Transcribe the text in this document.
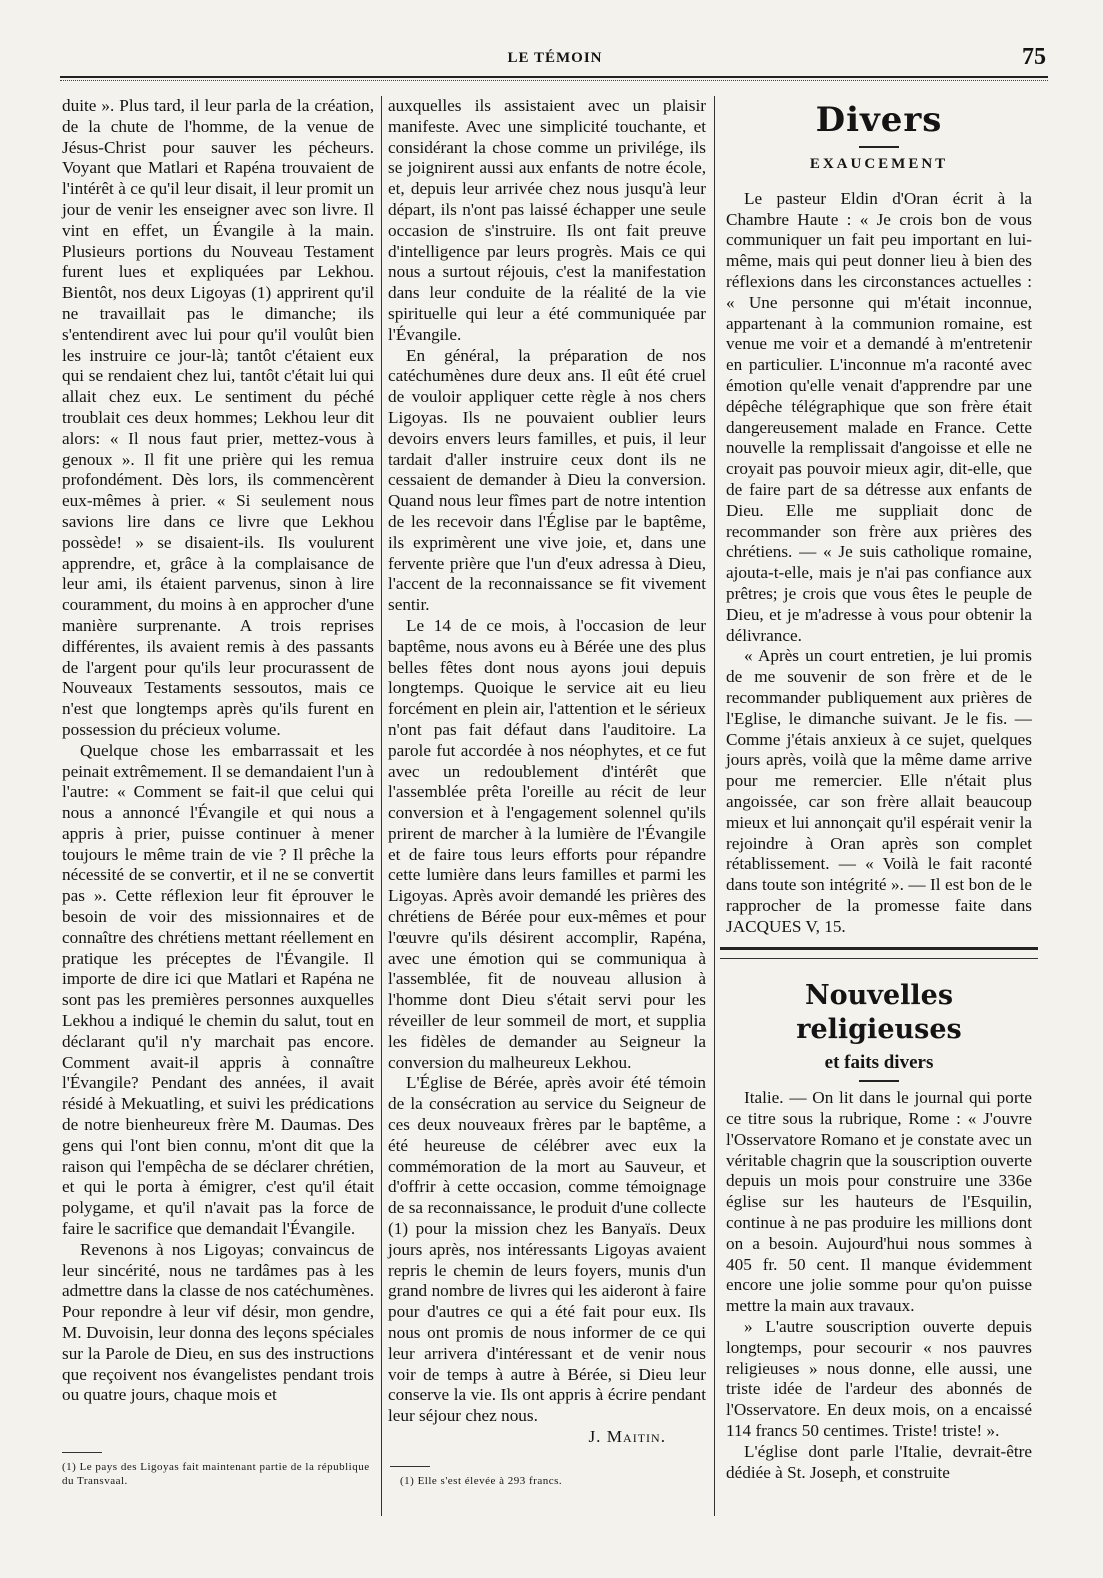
LE TÉMOIN	75

duite ». Plus tard, il leur parla de la création, de la chute de l'homme, de la venue de Jésus-Christ pour sauver les pécheurs. Voyant que Matlari et Rapéna trouvaient de l'intérêt à ce qu'il leur disait, il leur promit un jour de venir les enseigner avec son livre. Il vint en effet, un Évangile à la main. Plusieurs portions du Nouveau Testament furent lues et expliquées par Lekhou. Bientôt, nos deux Ligoyas (1) apprirent qu'il ne travaillait pas le dimanche; ils s'entendirent avec lui pour qu'il voulût bien les instruire ce jour-là; tantôt c'étaient eux qui se rendaient chez lui, tantôt c'était lui qui allait chez eux. Le sentiment du péché troublait ces deux hommes; Lekhou leur dit alors: « Il nous faut prier, mettez-vous à genoux ». Il fit une prière qui les remua profondément. Dès lors, ils commencèrent eux-mêmes à prier. « Si seulement nous savions lire dans ce livre que Lekhou possède! » se disaient-ils. Ils voulurent apprendre, et, grâce à la complaisance de leur ami, ils étaient parvenus, sinon à lire couramment, du moins à en approcher d'une manière surprenante. A trois reprises différentes, ils avaient remis à des passants de l'argent pour qu'ils leur procurassent de Nouveaux Testaments sessoutos, mais ce n'est que longtemps après qu'ils furent en possession du précieux volume.

Quelque chose les embarrassait et les peinait extrêmement. Il se demandaient l'un à l'autre: « Comment se fait-il que celui qui nous a annoncé l'Évangile et qui nous a appris à prier, puisse continuer à mener toujours le même train de vie ? Il prêche la nécessité de se convertir, et il ne se convertit pas ». Cette réflexion leur fit éprouver le besoin de voir des missionnaires et de connaître des chrétiens mettant réellement en pratique les préceptes de l'Évangile. Il importe de dire ici que Matlari et Rapéna ne sont pas les premières personnes auxquelles Lekhou a indiqué le chemin du salut, tout en déclarant qu'il n'y marchait pas encore. Comment avait-il appris à connaître l'Évangile? Pendant des années, il avait résidé à Mekuatling, et suivi les prédications de notre bienheureux frère M. Daumas. Des gens qui l'ont bien connu, m'ont dit que la raison qui l'empêcha de se déclarer chrétien, et qui le porta à émigrer, c'est qu'il était polygame, et qu'il n'avait pas la force de faire le sacrifice que demandait l'Évangile.

Revenons à nos Ligoyas; convaincus de leur sincérité, nous ne tardâmes pas à les admettre dans la classe de nos catéchumènes. Pour repondre à leur vif désir, mon gendre, M. Duvoisin, leur donna des leçons spéciales sur la Parole de Dieu, en sus des instructions que reçoivent nos évangelistes pendant trois ou quatre jours, chaque mois et

(1) Le pays des Ligoyas fait maintenant partie de la république du Transvaal.

auxquelles ils assistaient avec un plaisir manifeste. Avec une simplicité touchante, et considérant la chose comme un privilége, ils se joignirent aussi aux enfants de notre école, et, depuis leur arrivée chez nous jusqu'à leur départ, ils n'ont pas laissé échapper une seule occasion de s'instruire. Ils ont fait preuve d'intelligence par leurs progrès. Mais ce qui nous a surtout réjouis, c'est la manifestation dans leur conduite de la réalité de la vie spirituelle qui leur a été communiquée par l'Évangile.

En général, la préparation de nos catéchumènes dure deux ans. Il eût été cruel de vouloir appliquer cette règle à nos chers Ligoyas. Ils ne pouvaient oublier leurs devoirs envers leurs familles, et puis, il leur tardait d'aller instruire ceux dont ils ne cessaient de demander à Dieu la conversion. Quand nous leur fîmes part de notre intention de les recevoir dans l'Église par le baptême, ils exprimèrent une vive joie, et, dans une fervente prière que l'un d'eux adressa à Dieu, l'accent de la reconnaissance se fit vivement sentir.

Le 14 de ce mois, à l'occasion de leur baptême, nous avons eu à Bérée une des plus belles fêtes dont nous ayons joui depuis longtemps. Quoique le service ait eu lieu forcément en plein air, l'attention et le sérieux n'ont pas fait défaut dans l'auditoire. La parole fut accordée à nos néophytes, et ce fut avec un redoublement d'intérêt que l'assemblée prêta l'oreille au récit de leur conversion et à l'engagement solennel qu'ils prirent de marcher à la lumière de l'Évangile et de faire tous leurs efforts pour répandre cette lumière dans leurs familles et parmi les Ligoyas. Après avoir demandé les prières des chrétiens de Bérée pour eux-mêmes et pour l'œuvre qu'ils désirent accomplir, Rapéna, avec une émotion qui se communiqua à l'assemblée, fit de nouveau allusion à l'homme dont Dieu s'était servi pour les réveiller de leur sommeil de mort, et supplia les fidèles de demander au Seigneur la conversion du malheureux Lekhou.

L'Église de Bérée, après avoir été témoin de la consécration au service du Seigneur de ces deux nouveaux frères par le baptême, a été heureuse de célébrer avec eux la commémoration de la mort au Sauveur, et d'offrir à cette occasion, comme témoignage de sa reconnaissance, le produit d'une collecte (1) pour la mission chez les Banyaïs. Deux jours après, nos intéressants Ligoyas avaient repris le chemin de leurs foyers, munis d'un grand nombre de livres qui les aideront à faire pour d'autres ce qui a été fait pour eux. Ils nous ont promis de nous informer de ce qui leur arrivera d'intéressant et de venir nous voir de temps à autre à Bérée, si Dieu leur conserve la vie. Ils ont appris à écrire pendant leur séjour chez nous.

J. Maitin.
(1) Elle s'est élevée à 293 francs.
Divers
EXAUCEMENT

Le pasteur Eldin d'Oran écrit à la Chambre Haute : « Je crois bon de vous communiquer un fait peu important en lui-même, mais qui peut donner lieu à bien des réflexions dans les circonstances actuelles : « Une personne qui m'était inconnue, appartenant à la communion romaine, est venue me voir et a demandé à m'entretenir en particulier. L'inconnue m'a raconté avec émotion qu'elle venait d'apprendre par une dépêche télégraphique que son frère était dangereusement malade en France. Cette nouvelle la remplissait d'angoisse et elle ne croyait pas pouvoir mieux agir, dit-elle, que de faire part de sa détresse aux enfants de Dieu. Elle me suppliait donc de recommander son frère aux prières des chrétiens. — « Je suis catholique romaine, ajouta-t-elle, mais je n'ai pas confiance aux prêtres; je crois que vous êtes le peuple de Dieu, et je m'adresse à vous pour obtenir la délivrance.

« Après un court entretien, je lui promis de me souvenir de son frère et de le recommander publiquement aux prières de l'Eglise, le dimanche suivant. Je le fis. — Comme j'étais anxieux à ce sujet, quelques jours après, voilà que la même dame arrive pour me remercier. Elle n'était plus angoissée, car son frère allait beaucoup mieux et lui annonçait qu'il espérait venir la rejoindre à Oran après son complet rétablissement. — « Voilà le fait raconté dans toute son intégrité ». — Il est bon de le rapprocher de la promesse faite dans JACQUES V, 15.

Nouvelles religieuses
et faits divers

Italie. — On lit dans le journal qui porte ce titre sous la rubrique, Rome : « J'ouvre l'Osservatore Romano et je constate avec un véritable chagrin que la souscription ouverte depuis un mois pour construire une 336e église sur les hauteurs de l'Esquilin, continue à ne pas produire les millions dont on a besoin. Aujourd'hui nous sommes à 405 fr. 50 cent. Il manque évidemment encore une jolie somme pour qu'on puisse mettre la main aux travaux.

» L'autre souscription ouverte depuis longtemps, pour secourir « nos pauvres religieuses » nous donne, elle aussi, une triste idée de l'ardeur des abonnés de l'Osservatore. En deux mois, on a encaissé 114 francs 50 centimes. Triste! triste! ».

L'église dont parle l'Italie, devrait-être dédiée à St. Joseph, et construite
